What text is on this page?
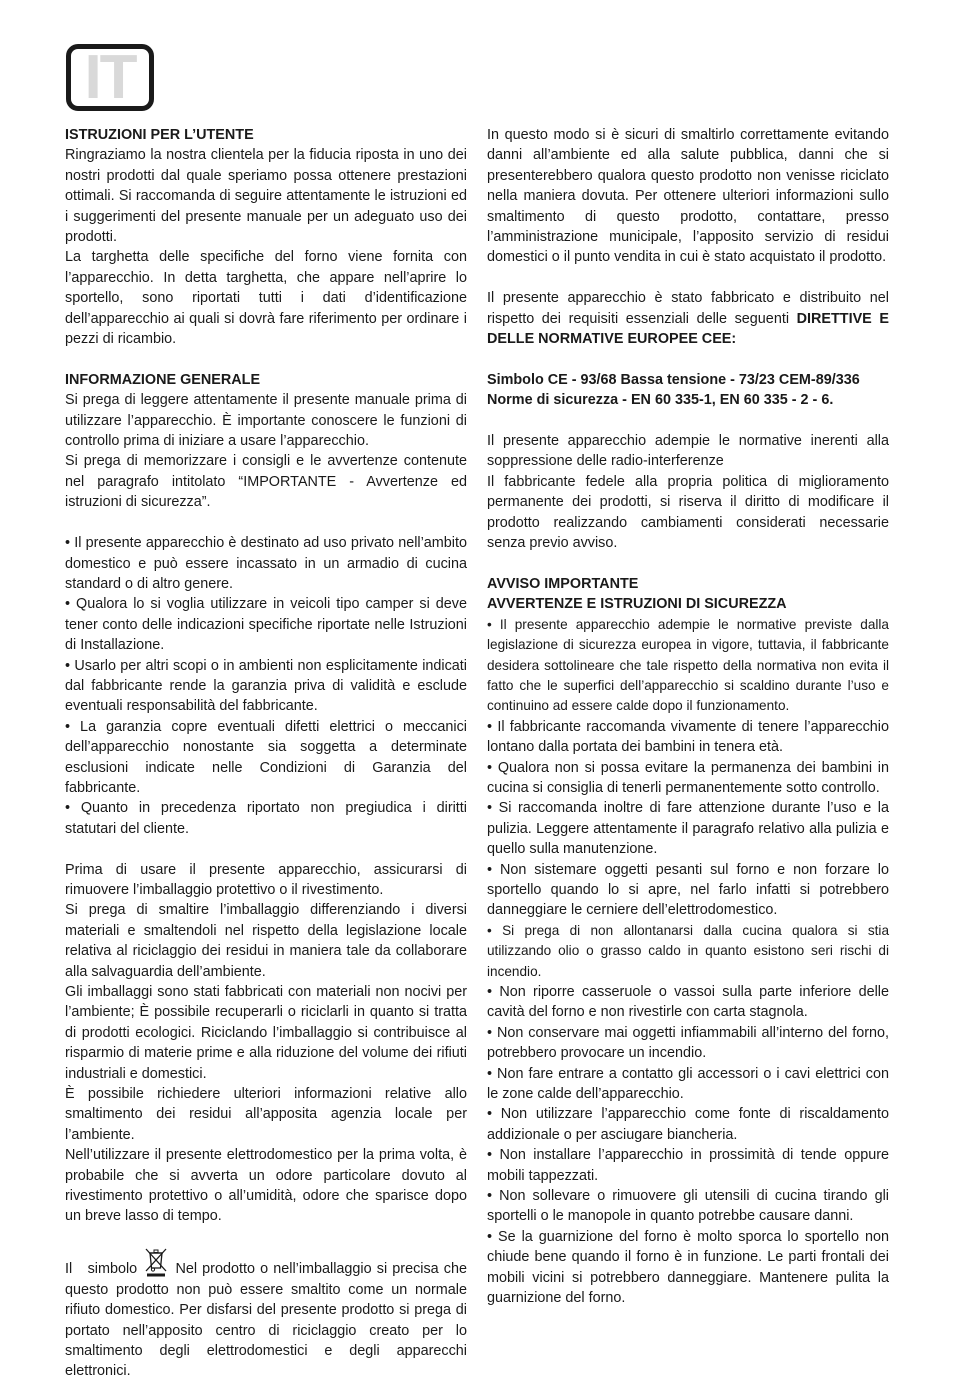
IT

ISTRUZIONI PER L’UTENTE

Ringraziamo la nostra clientela per la fiducia riposta in uno dei nostri prodotti dal quale speriamo possa ottenere prestazioni ottimali. Si raccomanda di seguire attentamente le istruzioni ed i suggerimenti del presente manuale per un adeguato uso dei prodotti.

La targhetta delle specifiche del forno viene fornita con l’apparecchio. In detta targhetta, che appare nell’aprire lo sportello, sono riportati tutti i dati d’identificazione dell’apparecchio ai quali si dovrà fare riferimento per ordinare i pezzi di ricambio.

INFORMAZIONE GENERALE

Si prega di leggere attentamente il presente manuale prima di utilizzare l’apparecchio. È importante conoscere le funzioni di controllo prima di iniziare a usare l’apparecchio.

Si prega di memorizzare i consigli e le avvertenze contenute nel paragrafo intitolato “IMPORTANTE - Avvertenze ed istruzioni di sicurezza”.

• Il presente apparecchio è destinato ad uso privato nell’ambito domestico e può essere incassato in un armadio di cucina standard o di altro genere.

• Qualora lo si voglia utilizzare in veicoli tipo camper si deve tener conto delle indicazioni specifiche riportate nelle Istruzioni di Installazione.

• Usarlo per altri scopi o in ambienti non esplicitamente indicati dal fabbricante rende la garanzia priva di validità e esclude eventuali responsabilità del fabbricante.

• La garanzia copre eventuali difetti elettrici o meccanici dell’apparecchio nonostante sia soggetta a determinate esclusioni indicate nelle Condizioni di Garanzia del fabbricante.

• Quanto in precedenza riportato non pregiudica i diritti statutari del cliente.

Prima di usare il presente apparecchio, assicurarsi di rimuovere l’imballaggio protettivo o il rivestimento.

Si prega di smaltire l’imballaggio differenziando i diversi materiali e smaltendoli nel rispetto della legislazione locale relativa al riciclaggio dei residui in maniera tale da collaborare alla salvaguardia dell’ambiente.

Gli imballaggi sono stati fabbricati con materiali non nocivi per l’ambiente; È possibile recuperarli o riciclarli in quanto si tratta di prodotti ecologici. Riciclando l’imballaggio si contribuisce al risparmio di materie prime e alla riduzione del volume dei rifiuti industriali e domestici.

È possibile richiedere ulteriori informazioni relative allo smaltimento dei residui all’apposita agenzia locale per l’ambiente.

Nell’utilizzare il presente elettrodomestico per la prima volta, è probabile che si avverta un odore particolare dovuto al rivestimento protettivo o all’umidità, odore che sparisce dopo un breve lasso di tempo.

Il   simbolo	Nel prodotto o nell’imballaggio si precisa che questo prodotto non può essere smaltito come un normale rifiuto domestico. Per disfarsi del presente prodotto si prega di portato nell’apposito centro di riciclaggio creato per lo smaltimento degli elettrodomestici e degli apparecchi elettronici.

In questo modo si è sicuri di smaltirlo correttamente evitando danni all’ambiente ed alla salute pubblica, danni che si presenterebbero qualora questo prodotto non venisse riciclato nella maniera dovuta. Per ottenere ulteriori informazioni sullo smaltimento di questo prodotto, contattare, presso l’amministrazione municipale, l’apposito servizio di residui domestici o il punto vendita in cui è stato acquistato il prodotto.

Il presente apparecchio è stato fabbricato e distribuito nel rispetto dei requisiti essenziali delle seguenti DIRETTIVE E DELLE NORMATIVE EUROPEE CEE:

Simbolo CE - 93/68 Bassa tensione - 73/23 CEM-89/336

Norme di sicurezza - EN 60 335-1, EN 60 335 - 2 - 6.

Il presente apparecchio adempie le normative inerenti alla soppressione delle radio-interferenze

Il fabbricante fedele alla propria politica di miglioramento permanente dei prodotti, si riserva il diritto di modificare il prodotto realizzando cambiamenti considerati necessarie senza previo avviso.

AVVISO IMPORTANTE

AVVERTENZE E ISTRUZIONI DI SICUREZZA

• Il presente apparecchio adempie le normative previste dalla legislazione di sicurezza europea in vigore, tuttavia, il fabbricante desidera sottolineare che tale rispetto della normativa non evita il fatto che le superfici dell’apparecchio si scaldino durante l’uso e continuino ad essere calde dopo il funzionamento.

• Il fabbricante raccomanda vivamente di tenere l’apparecchio lontano dalla portata dei bambini in tenera età.

• Qualora non si possa evitare la permanenza dei bambini in cucina si consiglia di tenerli permanentemente sotto controllo.

• Si raccomanda inoltre di fare attenzione durante l’uso e la pulizia. Leggere attentamente il paragrafo relativo alla pulizia e quello sulla manutenzione.

• Non sistemare oggetti pesanti sul forno e non forzare lo sportello quando lo si apre, nel farlo infatti si potrebbero danneggiare le cerniere dell’elettrodomestico.

• Si prega di non allontanarsi dalla cucina qualora si stia utilizzando olio o grasso caldo in quanto esistono seri rischi di incendio.

• Non riporre casseruole o vassoi sulla parte inferiore delle cavità del forno e non rivestirle con carta stagnola.

• Non conservare mai oggetti infiammabili all’interno del forno, potrebbero provocare un incendio.

• Non fare entrare a contatto gli accessori o i cavi elettrici con le zone calde dell’apparecchio.

• Non utilizzare l’apparecchio come fonte di riscaldamento addizionale o per asciugare biancheria.

• Non installare l’apparecchio in prossimità di tende oppure mobili tappezzati.

• Non sollevare o rimuovere gli utensili di cucina tirando gli sportelli o le manopole in quanto potrebbe causare danni.

• Se la guarnizione del forno è molto sporca lo sportello non chiude bene quando il forno è in funzione. Le parti frontali dei mobili vicini si potrebbero danneggiare. Mantenere pulita la guarnizione del forno.
